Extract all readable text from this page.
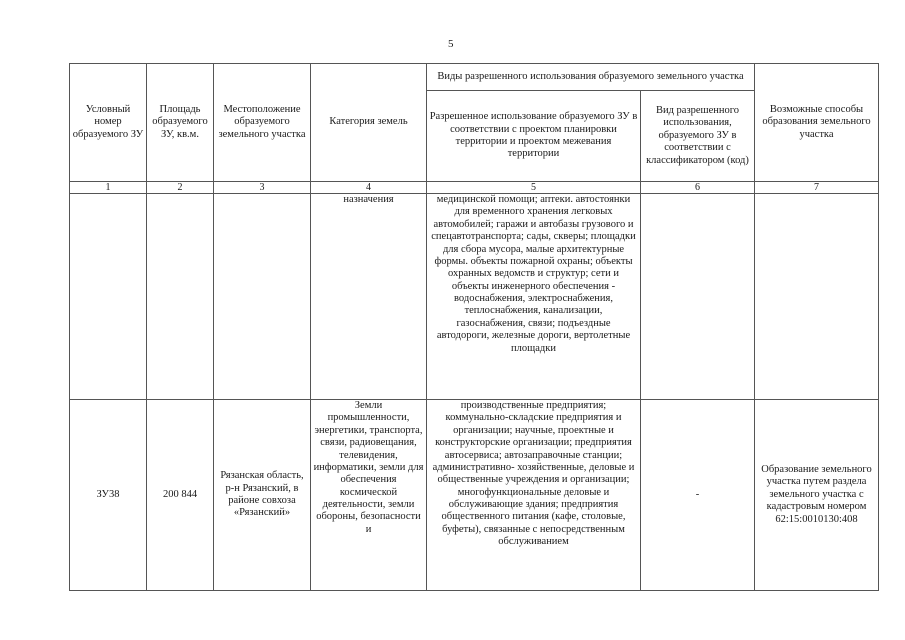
5
Условный номер образуемого ЗУ	Площадь образуемого ЗУ, кв.м.	Местоположение образуемого земельного участка	Категория земель	Виды разрешенного использования образуемого земельного участка		Возможные способы образования земельного участка
				Разрешенное использование образуемого ЗУ в соответствии с проектом планировки территории и проектом межевания территории	Вид разрешенного использования, образуемого ЗУ в соответствии с классификатором (код)	
1	2	3	4	5	6	7
			назначения	медицинской помощи; аптеки. автостоянки для временного хранения легковых автомобилей; гаражи и автобазы грузового и спецавтотранспорта; сады, скверы; площадки для сбора мусора, малые архитектурные формы. объекты пожарной охраны; объекты охранных ведомств и структур; сети и объекты инженерного обеспечения - водоснабжения, электроснабжения, теплоснабжения, канализации, газоснабжения, связи; подъездные автодороги, железные дороги, вертолетные площадки		
ЗУ38	200 844	Рязанская область, р-н Рязанский, в районе совхоза «Рязанский»	Земли промышленности, энергетики, транспорта, связи, радиовещания, телевидения, информатики, земли для обеспечения космической деятельности, земли обороны, безопасности и	производственные предприятия; коммунально-складские предприятия и организации; научные, проектные и конструкторские организации; предприятия автосервиса; автозаправочные станции; административно- хозяйственные, деловые и общественные учреждения и организации; многофункциональные деловые и обслуживающие здания; предприятия общественного питания (кафе, столовые, буфеты), связанные с непосредственным обслуживанием	-	Образование земельного участка путем раздела земельного участка с кадастровым номером 62:15:0010130:408
